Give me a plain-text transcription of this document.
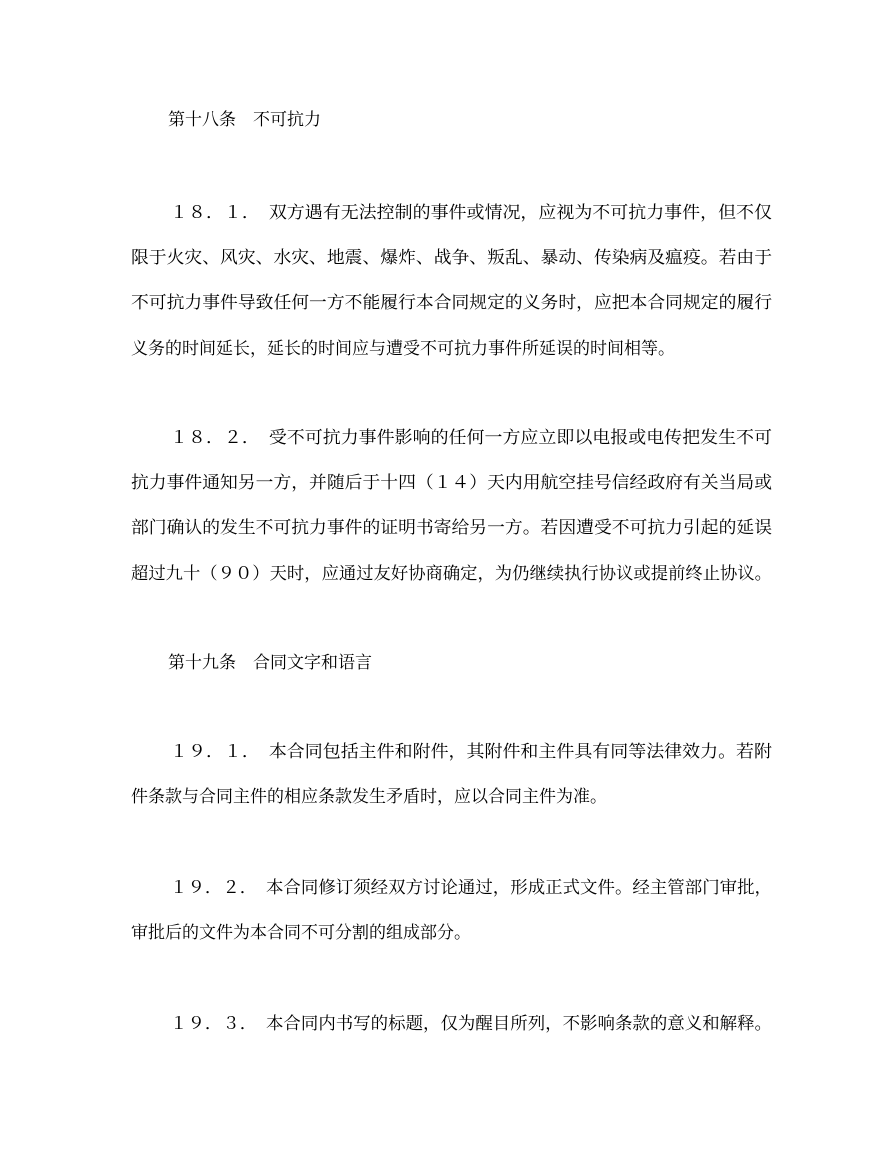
第十八条　不可抗力
１８．１．　双方遇有无法控制的事件或情况，应视为不可抗力事件，但不仅
限于火灾、风灾、水灾、地震、爆炸、战争、叛乱、暴动、传染病及瘟疫。若由于
不可抗力事件导致任何一方不能履行本合同规定的义务时，应把本合同规定的履行
义务的时间延长，延长的时间应与遭受不可抗力事件所延误的时间相等。
１８．２．　受不可抗力事件影响的任何一方应立即以电报或电传把发生不可
抗力事件通知另一方，并随后于十四（１４）天内用航空挂号信经政府有关当局或
部门确认的发生不可抗力事件的证明书寄给另一方。若因遭受不可抗力引起的延误
超过九十（９０）天时，应通过友好协商确定，为仍继续执行协议或提前终止协议。
第十九条　合同文字和语言
１９．１．　本合同包括主件和附件，其附件和主件具有同等法律效力。若附
件条款与合同主件的相应条款发生矛盾时，应以合同主件为准。
１９．２．　本合同修订须经双方讨论通过，形成正式文件。经主管部门审批，
审批后的文件为本合同不可分割的组成部分。
１９．３．　本合同内书写的标题，仅为醒目所列，不影响条款的意义和解释。
